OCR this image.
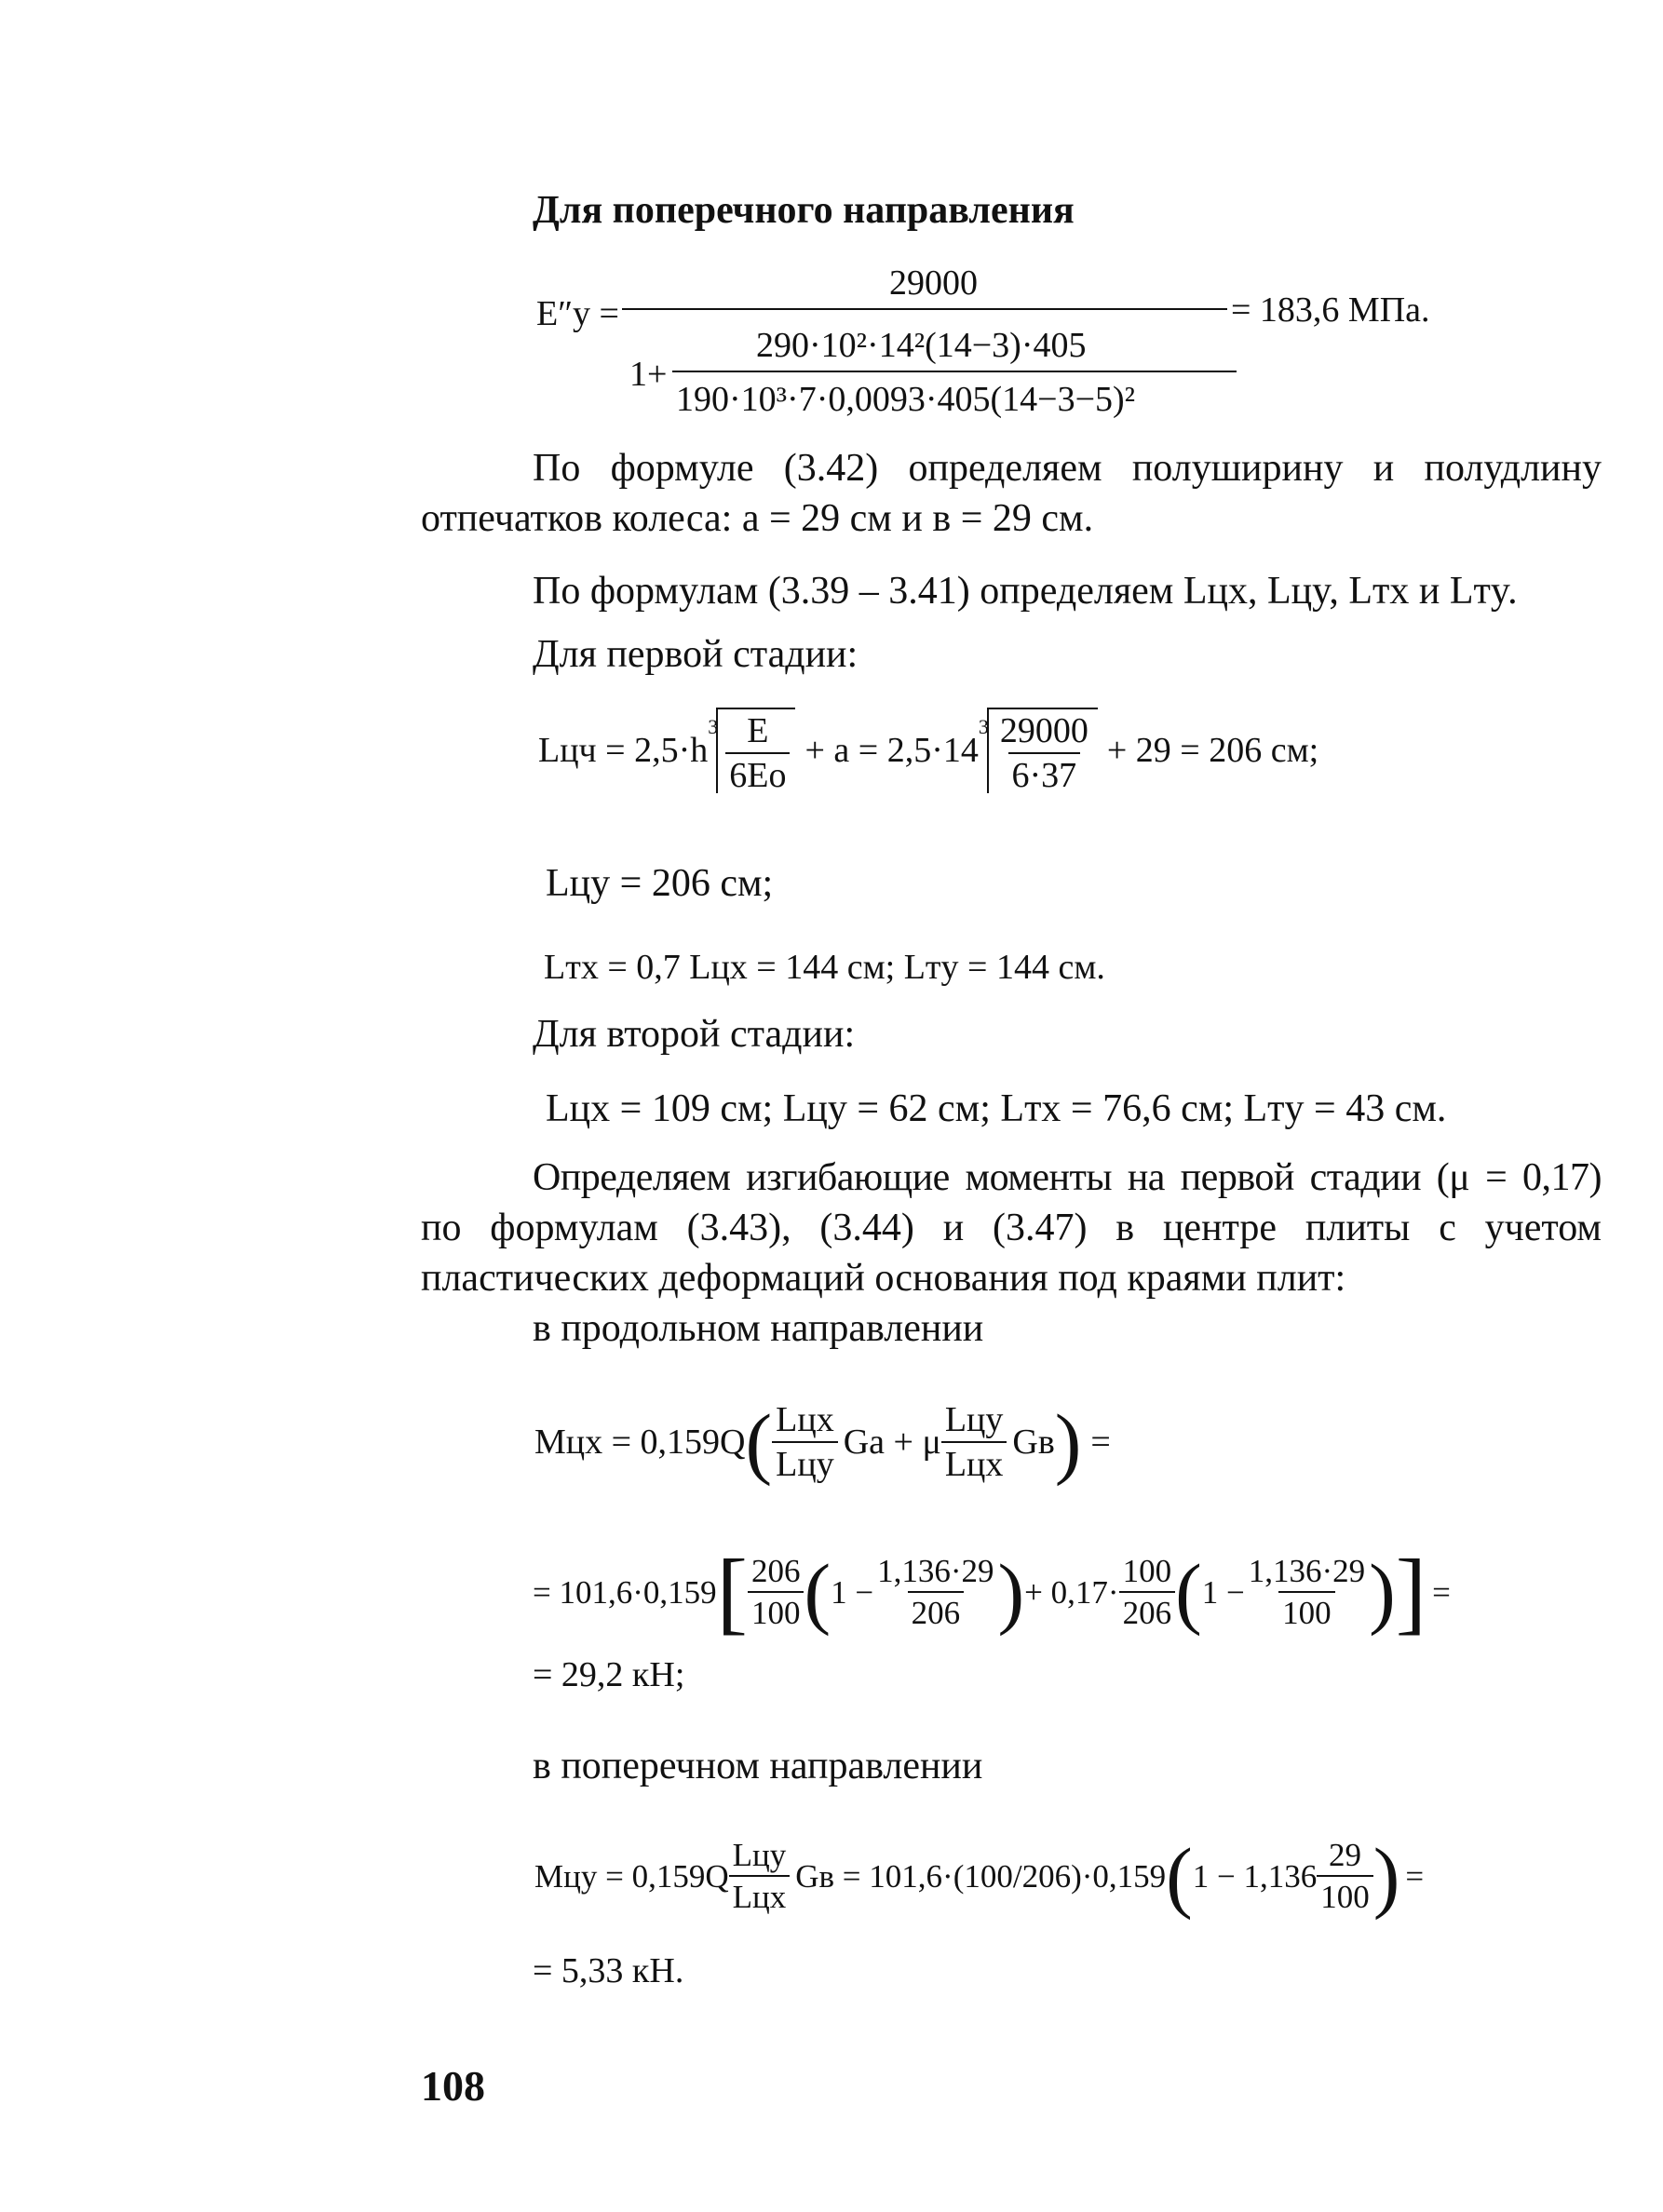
Для поперечного направления
E″y =
29000
1+
290·10²·14²(14−3)·405
190·10³·7·0,0093·405(14−3−5)²
= 183,6 МПа.
По формуле (3.42) определяем полуширину и полудлину
отпечатков колеса: а = 29 см и в = 29 см.
По формулам (3.39 – 3.41) определяем Lцx, Lцy, Lтx и Lтy.
Для первой стадии:
Lцч = 2,5·h
$3 \frac{E}{6Eo} + а = 2,5\cdot 14$
$3 \frac{29000}{6\cdot 37} + 29 = 206$ см;
Lцy = 206 см;
Lтx = 0,7 Lцx = 144 см; Lтy = 144 см.
Для второй стадии:
Lцx = 109 см; Lцy = 62 см; Lтx = 76,6 см; Lтy = 43 см.
Определяем изгибающие моменты на первой стадии (μ = 0,17)
по формулам (3.43), (3.44) и (3.47) в центре плиты с учетом
пластических деформаций основания под краями плит:
в продольном направлении
Mцx = 0,159Q ( $\frac{\text{Lцx}}{\text{Lцy}}$ Gа + μ $\frac{\text{Lцy}}{\text{Lцx}}$ Gв ) =
= 101,6·0,159 [ $\frac{206}{100}$ ( $1 - \frac{1,136\cdot 29}{206}$ ) + $0,17\cdot \frac{100}{206}$ ( $1 - \frac{1,136\cdot 29}{100}$ ) ] =
= 29,2 кН;
в поперечном направлении
Mцy = $0,159Q \frac{\text{Lцy}}{\text{Lцx}}$ Gв = 101,6·(100/206)·0,159 ( $1 - 1,136 \frac{29}{100}$ ) =
= 5,33 кН.
108
